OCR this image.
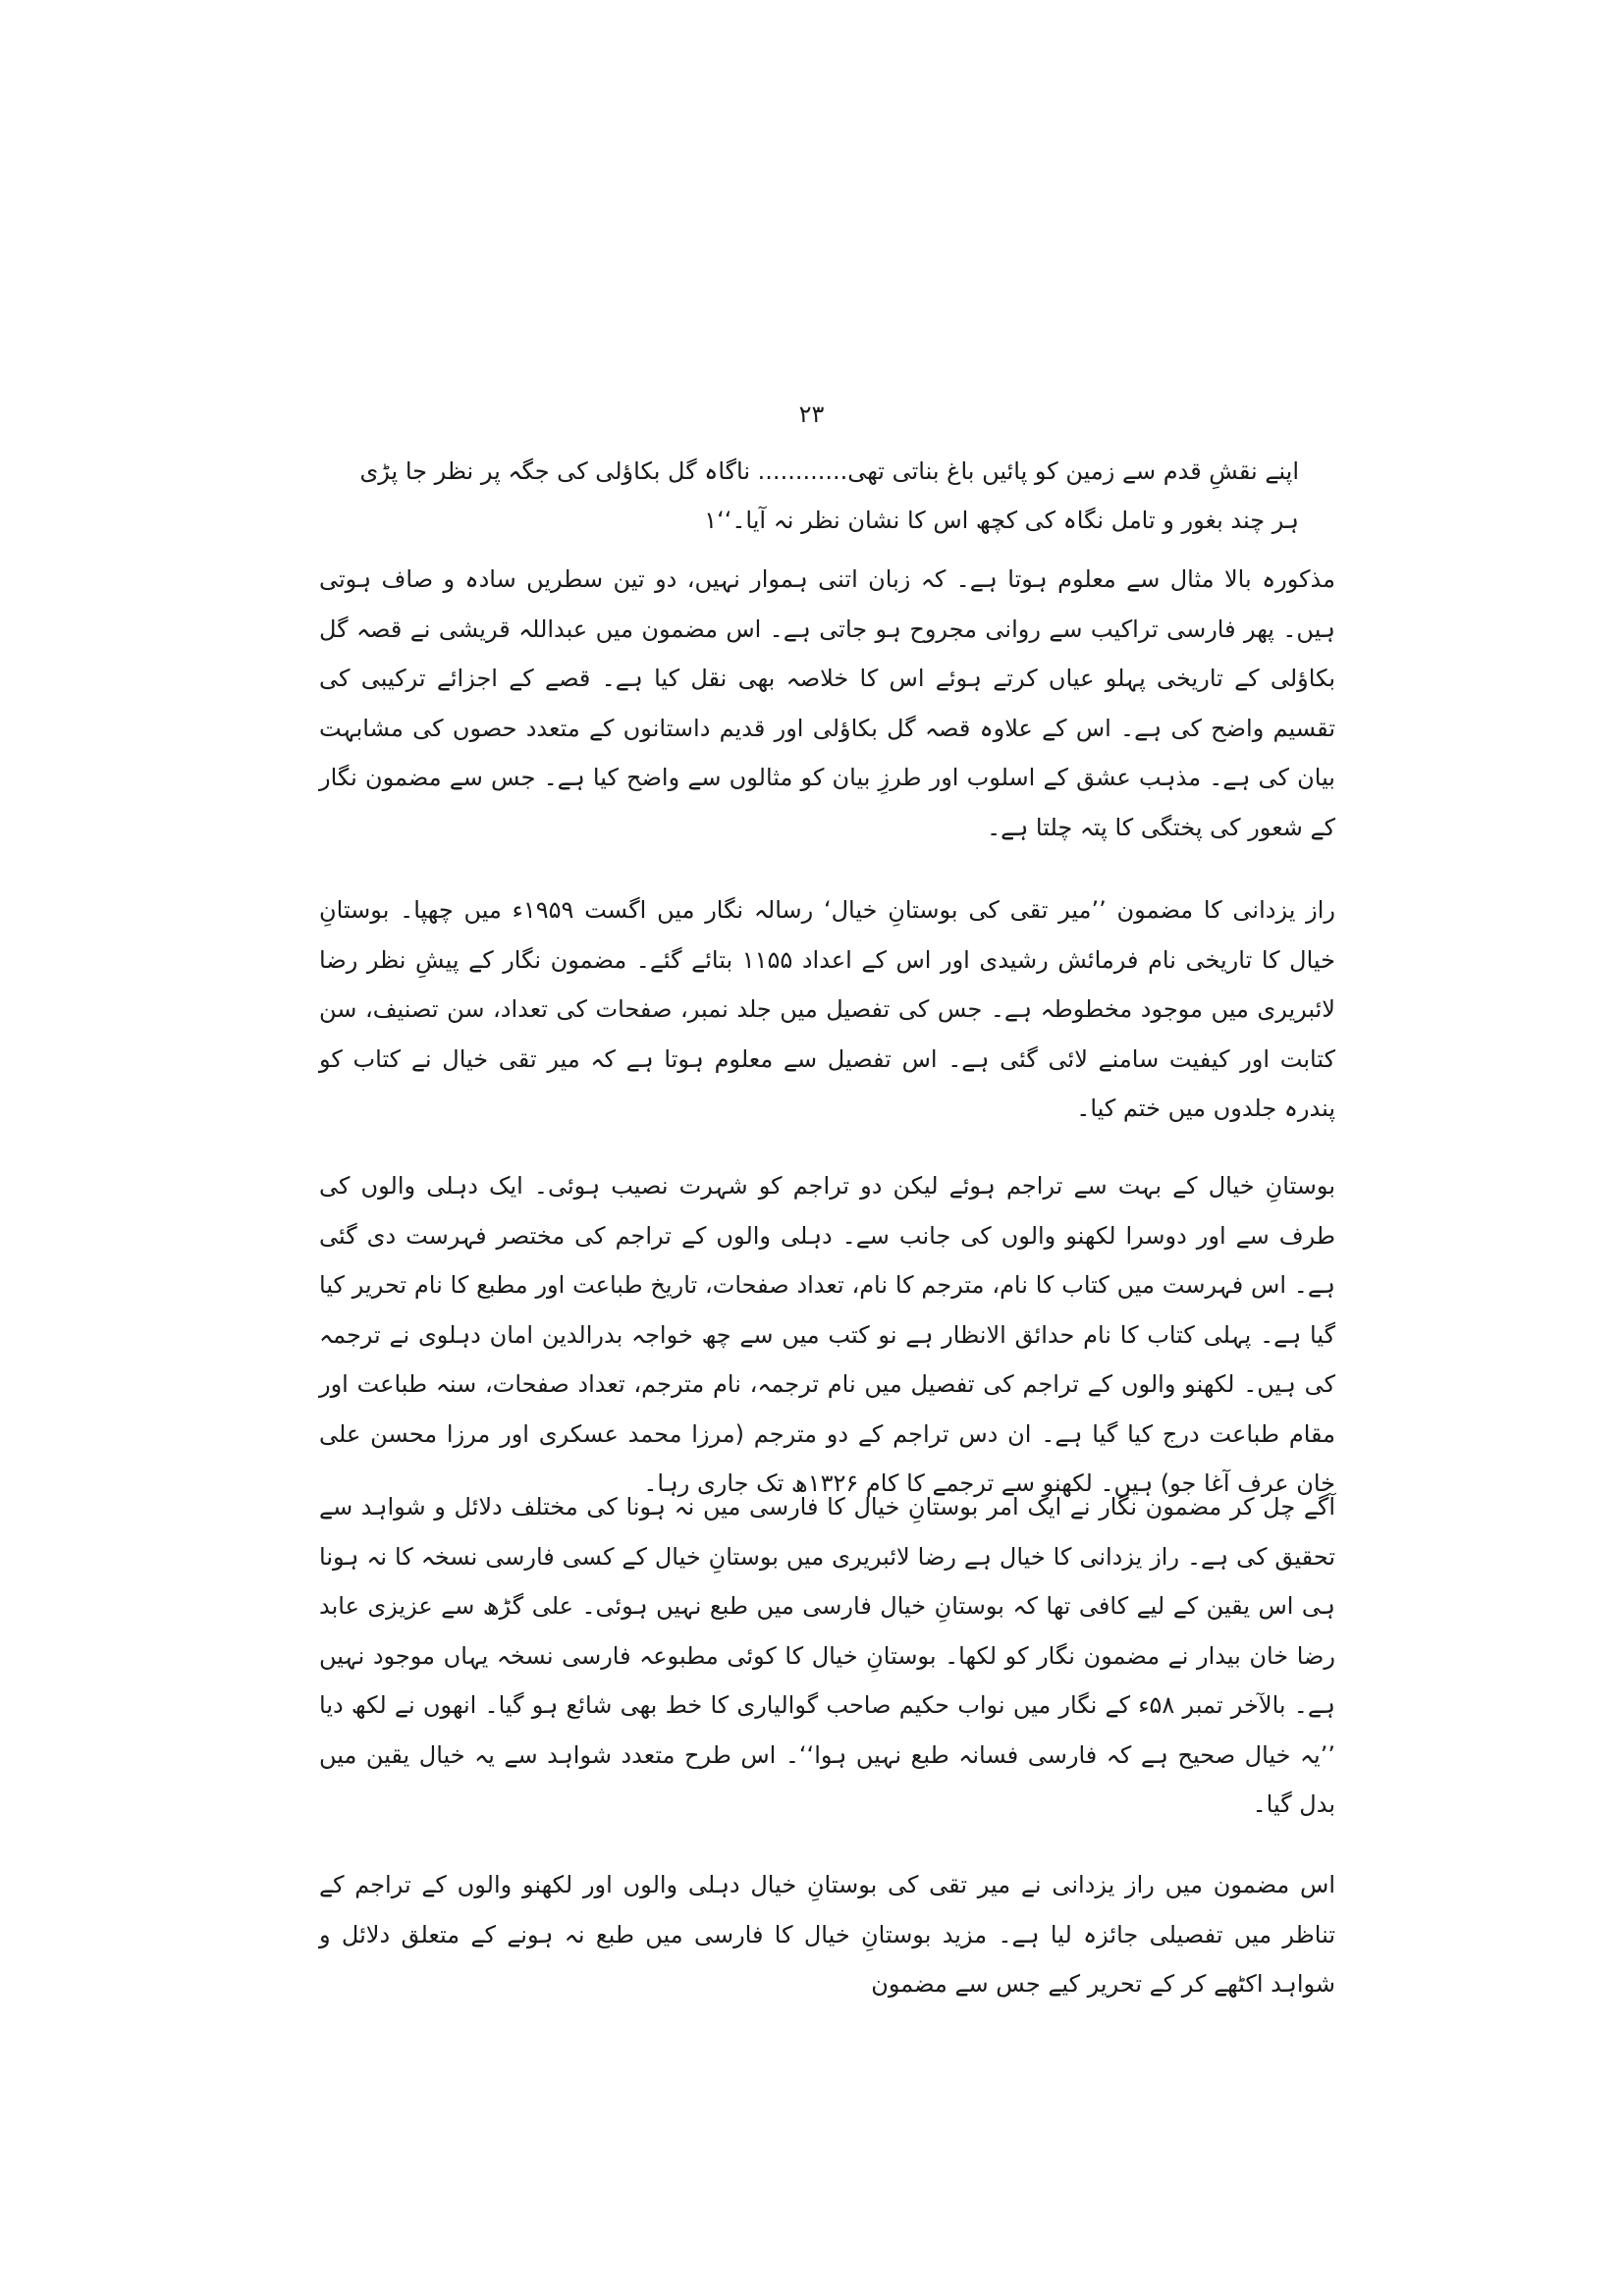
۲۳
اپنے نقشِ قدم سے زمین کو پائیں باغ بناتی تھی............ ناگاہ گل بکاؤلی کی جگہ پر نظر جا پڑی ہر چند بغور و تامل نگاہ کی کچھ اس کا نشان نظر نہ آیا۔‘‘۱
مذکورہ بالا مثال سے معلوم ہوتا ہے۔ کہ زبان اتنی ہموار نہیں، دو تین سطریں سادہ و صاف ہوتی ہیں۔ پھر فارسی تراکیب سے روانی مجروح ہو جاتی ہے۔ اس مضمون میں عبداللہ قریشی نے قصہ گل بکاؤلی کے تاریخی پہلو عیاں کرتے ہوئے اس کا خلاصہ بھی نقل کیا ہے۔ قصے کے اجزائے ترکیبی کی تقسیم واضح کی ہے۔ اس کے علاوہ قصہ گل بکاؤلی اور قدیم داستانوں کے متعدد حصوں کی مشابہت بیان کی ہے۔ مذہب عشق کے اسلوب اور طرزِ بیان کو مثالوں سے واضح کیا ہے۔ جس سے مضمون نگار کے شعور کی پختگی کا پتہ چلتا ہے۔
راز یزدانی کا مضمون ’’میر تقی کی بوستانِ خیال‘ رسالہ نگار میں اگست ۱۹۵۹ء میں چھپا۔ بوستانِ خیال کا تاریخی نام فرمائش رشیدی اور اس کے اعداد ۱۱۵۵ بتائے گئے۔ مضمون نگار کے پیشِ نظر رضا لائبریری میں موجود مخطوطہ ہے۔ جس کی تفصیل میں جلد نمبر، صفحات کی تعداد، سن تصنیف، سن کتابت اور کیفیت سامنے لائی گئی ہے۔ اس تفصیل سے معلوم ہوتا ہے کہ میر تقی خیال نے کتاب کو پندرہ جلدوں میں ختم کیا۔
بوستانِ خیال کے بہت سے تراجم ہوئے لیکن دو تراجم کو شہرت نصیب ہوئی۔ ایک دہلی والوں کی طرف سے اور دوسرا لکھنو والوں کی جانب سے۔ دہلی والوں کے تراجم کی مختصر فہرست دی گئی ہے۔ اس فہرست میں کتاب کا نام، مترجم کا نام، تعداد صفحات، تاریخ طباعت اور مطبع کا نام تحریر کیا گیا ہے۔ پہلی کتاب کا نام حدائق الانظار ہے نو کتب میں سے چھ خواجہ بدرالدین امان دہلوی نے ترجمہ کی ہیں۔ لکھنو والوں کے تراجم کی تفصیل میں نام ترجمہ، نام مترجم، تعداد صفحات، سنہ طباعت اور مقام طباعت درج کیا گیا ہے۔ ان دس تراجم کے دو مترجم (مرزا محمد عسکری اور مرزا محسن علی خان عرف آغا جو) ہیں۔ لکھنو سے ترجمے کا کام ۱۳۲۶ھ تک جاری رہا۔
آگے چل کر مضمون نگار نے ایک امر بوستانِ خیال کا فارسی میں نہ ہونا کی مختلف دلائل و شواہد سے تحقیق کی ہے۔ راز یزدانی کا خیال ہے رضا لائبریری میں بوستانِ خیال کے کسی فارسی نسخہ کا نہ ہونا ہی اس یقین کے لیے کافی تھا کہ بوستانِ خیال فارسی میں طبع نہیں ہوئی۔ علی گڑھ سے عزیزی عابد رضا خان بیدار نے مضمون نگار کو لکھا۔ بوستانِ خیال کا کوئی مطبوعہ فارسی نسخہ یہاں موجود نہیں ہے۔ بالآخر تمبر ۵۸ء کے نگار میں نواب حکیم صاحب گوالیاری کا خط بھی شائع ہو گیا۔ انھوں نے لکھ دیا ’’یہ خیال صحیح ہے کہ فارسی فسانہ طبع نہیں ہوا‘‘۔ اس طرح متعدد شواہد سے یہ خیال یقین میں بدل گیا۔
اس مضمون میں راز یزدانی نے میر تقی کی بوستانِ خیال دہلی والوں اور لکھنو والوں کے تراجم کے تناظر میں تفصیلی جائزہ لیا ہے۔ مزید بوستانِ خیال کا فارسی میں طبع نہ ہونے کے متعلق دلائل و شواہد اکٹھے کر کے تحریر کیے جس سے مضمون
